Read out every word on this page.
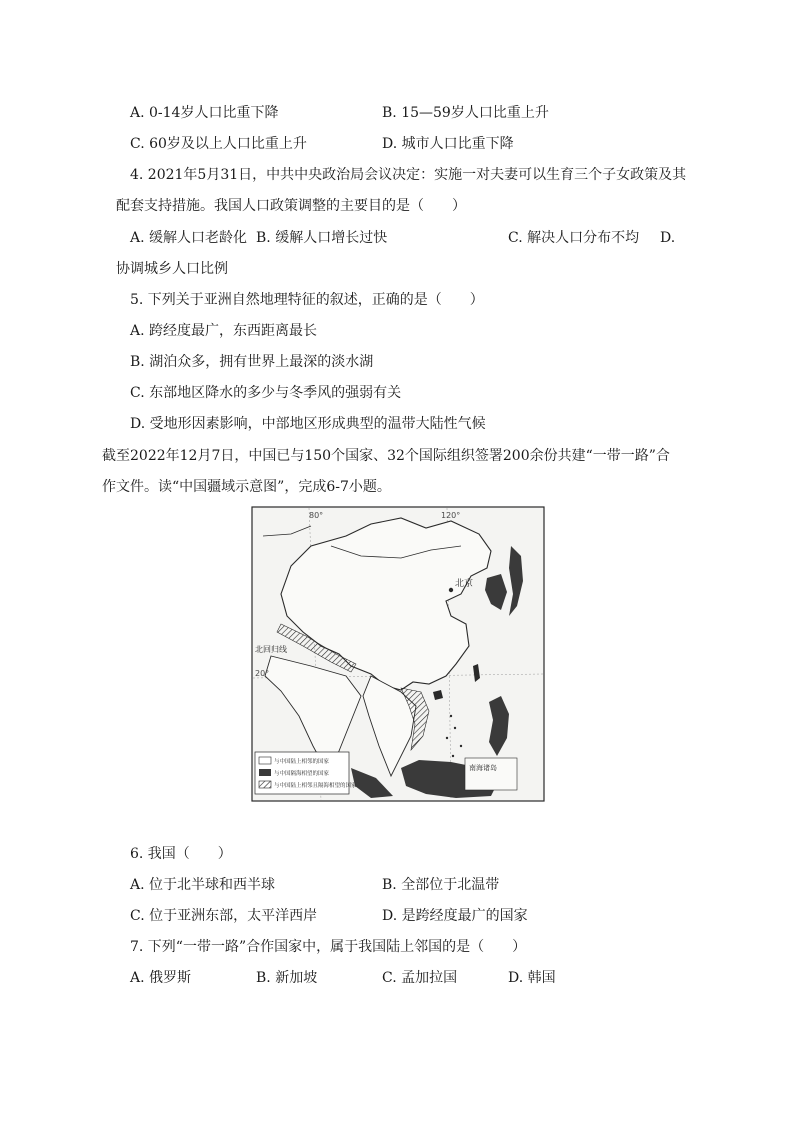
A. 0-14岁人口比重下降	B. 15—59岁人口比重上升
C. 60岁及以上人口比重上升	D. 城市人口比重下降
4. 2021年5月31日，中共中央政治局会议决定：实施一对夫妻可以生育三个子女政策及其
配套支持措施。我国人口政策调整的主要目的是（　　）
A. 缓解人口老龄化 B. 缓解人口增长过快	C. 解决人口分布不均 D.
协调城乡人口比例
5. 下列关于亚洲自然地理特征的叙述，正确的是（　　）
A. 跨经度最广，东西距离最长
B. 湖泊众多，拥有世界上最深的淡水湖
C. 东部地区降水的多少与冬季风的强弱有关
D. 受地形因素影响，中部地区形成典型的温带大陆性气候
截至2022年12月7日，中国已与150个国家、32个国际组织签署200余份共建“一带一路”合
作文件。读“中国疆域示意图”，完成6-7小题。
北京
北回归线
80°	120°
20°
南海诸岛
与中国陆上相邻的国家
与中国隔海相望的国家
与中国陆上相邻且隔海相望的国家
6. 我国（　　）
A. 位于北半球和西半球	B. 全部位于北温带
C. 位于亚洲东部，太平洋西岸	D. 是跨经度最广的国家
7. 下列“一带一路”合作国家中，属于我国陆上邻国的是（　　）
A. 俄罗斯	B. 新加坡	C. 孟加拉国	D. 韩国
